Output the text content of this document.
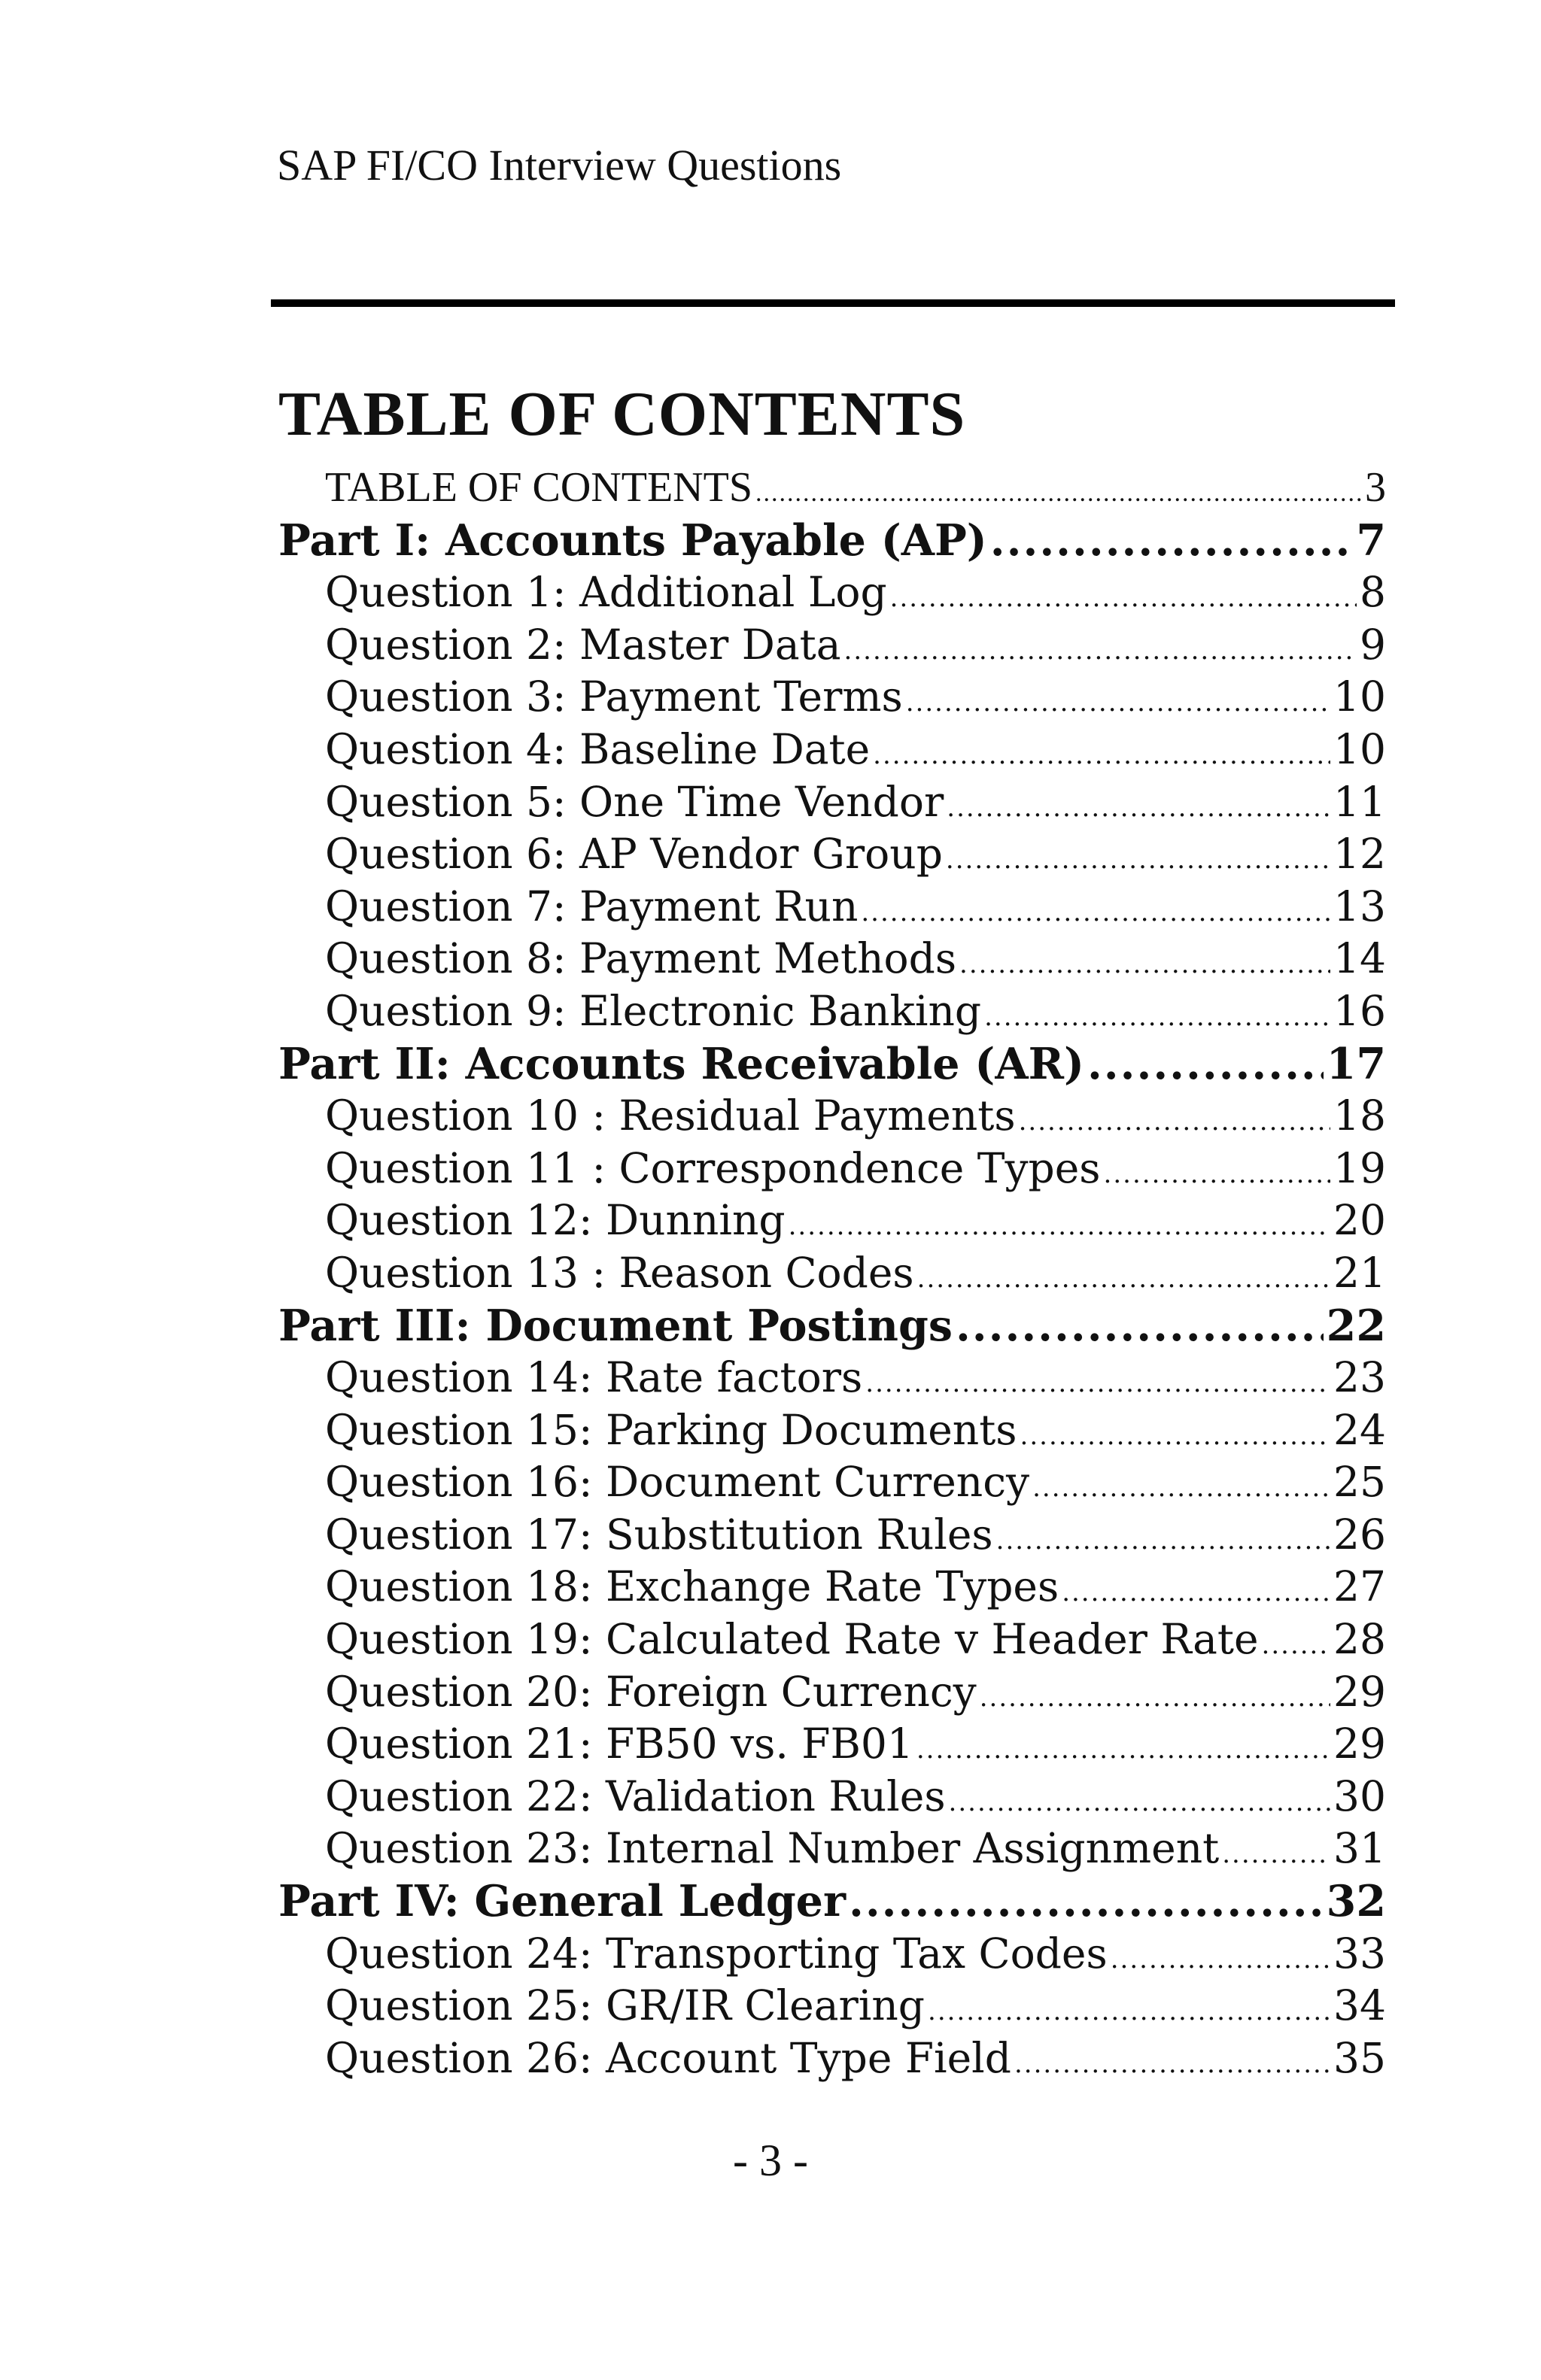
SAP FI/CO Interview Questions
TABLE OF CONTENTS
TABLE OF CONTENTS .....	3
Part I: Accounts Payable (AP) .....	7
Question 1: Additional Log .....	8
Question 2: Master Data .....	9
Question 3: Payment Terms .....	10
Question 4: Baseline Date .....	10
Question 5: One Time Vendor .....	11
Question 6: AP Vendor Group .....	12
Question 7: Payment Run .....	13
Question 8: Payment Methods .....	14
Question 9: Electronic Banking .....	16
Part II: Accounts Receivable (AR) .....	17
Question 10 : Residual Payments .....	18
Question 11 : Correspondence Types .....	19
Question 12: Dunning .....	20
Question 13 : Reason Codes .....	21
Part III: Document Postings .....	22
Question 14: Rate factors .....	23
Question 15: Parking Documents .....	24
Question 16: Document Currency .....	25
Question 17: Substitution Rules .....	26
Question 18: Exchange Rate Types .....	27
Question 19: Calculated Rate v Header Rate ..... 28
Question 20: Foreign Currency .....	29
Question 21: FB50 vs. FB01 .....	29
Question 22: Validation Rules .....	30
Question 23: Internal Number Assignment .....	31
Part IV: General Ledger .....	32
Question 24: Transporting Tax Codes .....	33
Question 25: GR/IR Clearing .....	34
Question 26: Account Type Field .....	35
- 3 -
